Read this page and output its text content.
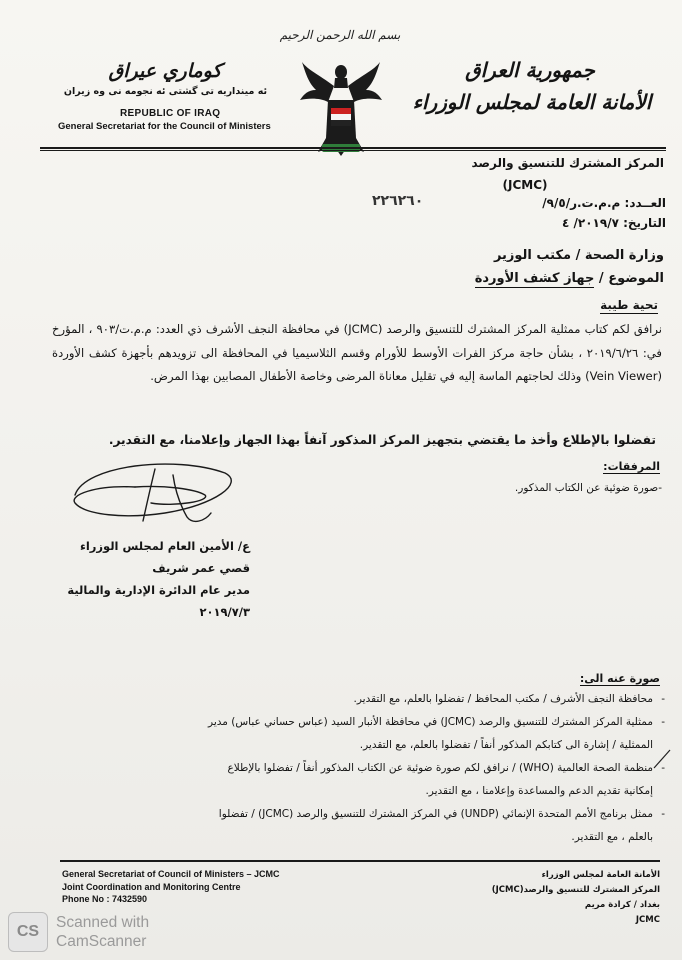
بسم الله الرحمن الرحيم
كوماري عيراق
ئه مينداريه تى گشتى ئه نجومه نى وه زيران
REPUBLIC OF IRAQ
General Secretariat for the Council of Ministers
جمهورية العراق
الأمانة العامة لمجلس الوزراء
المركز المشترك للتنسيق والرصد
(JCMC)
العــدد: م.م.ت.ر/٩/٥/
٢٢٦٢٦٠
التاريخ: ٢٠١٩/٧/ ٤
وزارة الصحة / مكتب الوزير
الموضوع / جهاز كشف الأوردة
تحية طيبة
نرافق لكم كتاب ممثلية المركز المشترك للتنسيق والرصد (JCMC) في محافظة النجف الأشرف ذي العدد: م.م.ت/٩٠٣ ، المؤرخ في: ٢٠١٩/٦/٢٦ ، بشأن حاجة مركز الفرات الأوسط للأورام وقسم الثلاسيميا في المحافظة الى تزويدهم بأجهزة كشف الأوردة (Vein Viewer) وذلك لحاجتهم الماسة إليه في تقليل معاناة المرضى وخاصة الأطفال المصابين بهذا المرض.
تفضلوا بالإطلاع وأخذ ما يقتضي بتجهيز المركز المذكور آنفاً بهذا الجهاز وإعلامنا، مع التقدير.
المرفقات:
-صورة ضوئية عن الكتاب المذكور.
ع/ الأمين العام لمجلس الوزراء
قصي عمر شريف
مدير عام الدائرة الإدارية والمالية
٢٠١٩/٧/٣
صورة عنه الى:
- محافظة النجف الأشرف / مكتب المحافظ / تفضلوا بالعلم، مع التقدير.
- ممثلية المركز المشترك للتنسيق والرصد (JCMC) في محافظة الأنبار السيد (عباس حساني عباس) مدير
الممثلية / إشارة الى كتابكم المذكور أنفاً / تفضلوا بالعلم، مع التقدير.
- منظمة الصحة العالمية (WHO) / نرافق لكم صورة ضوئية عن الكتاب المذكور أنفاً / تفضلوا بالإطلاع
إمكانية تقديم الدعم والمساعدة وإعلامنا ، مع التقدير.
- ممثل برنامج الأمم المتحدة الإنمائي (UNDP) في المركز المشترك للتنسيق والرصد (JCMC) / تفضلوا
بالعلم ، مع التقدير.
General Secretariat of Council of Ministers – JCMC
Joint Coordination and Monitoring Centre
Phone No : 7432590
الأمانة العامة لمجلس الوزراء
المركز المشترك للتنسيق والرصد(JCMC)
بغداد / كرادة مريم
JCMC
CS
Scanned with
CamScanner
